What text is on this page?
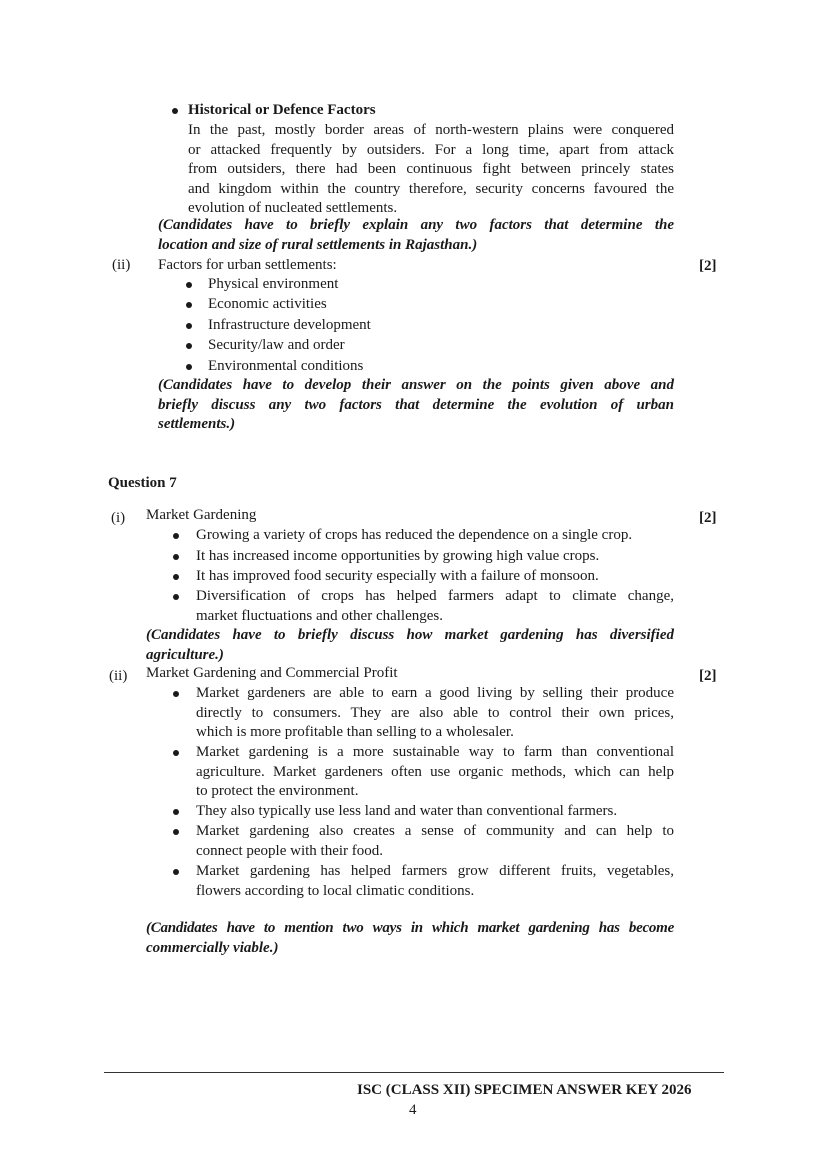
Historical or Defence Factors
In the past, mostly border areas of north-western plains were conquered
or attacked frequently by outsiders. For a long time, apart from attack
from outsiders, there had been continuous fight between princely states
and kingdom within the country therefore, security concerns favoured the
evolution of nucleated settlements.
(Candidates have to briefly explain any two factors that determine the
location and size of rural settlements in Rajasthan.)
(ii) Factors for urban settlements:	[2]
Physical environment
Economic activities
Infrastructure development
Security/law and order
Environmental conditions
(Candidates have to develop their answer on the points given above and
briefly discuss any two factors that determine the evolution of urban
settlements.)
Question 7
(i) Market Gardening	[2]
Growing a variety of crops has reduced the dependence on a single crop.
It has increased income opportunities by growing high value crops.
It has improved food security especially with a failure of monsoon.
Diversification of crops has helped farmers adapt to climate change,
market fluctuations and other challenges.
(Candidates have to briefly discuss how market gardening has diversified
agriculture.)
(ii) Market Gardening and Commercial Profit	[2]
Market gardeners are able to earn a good living by selling their produce
directly to consumers. They are also able to control their own prices,
which is more profitable than selling to a wholesaler.
Market gardening is a more sustainable way to farm than conventional
agriculture. Market gardeners often use organic methods, which can help
to protect the environment.
They also typically use less land and water than conventional farmers.
Market gardening also creates a sense of community and can help to
connect people with their food.
Market gardening has helped farmers grow different fruits, vegetables,
flowers according to local climatic conditions.
(Candidates have to mention two ways in which market gardening has become
commercially viable.)
ISC (CLASS XII) SPECIMEN ANSWER KEY 2026
4
